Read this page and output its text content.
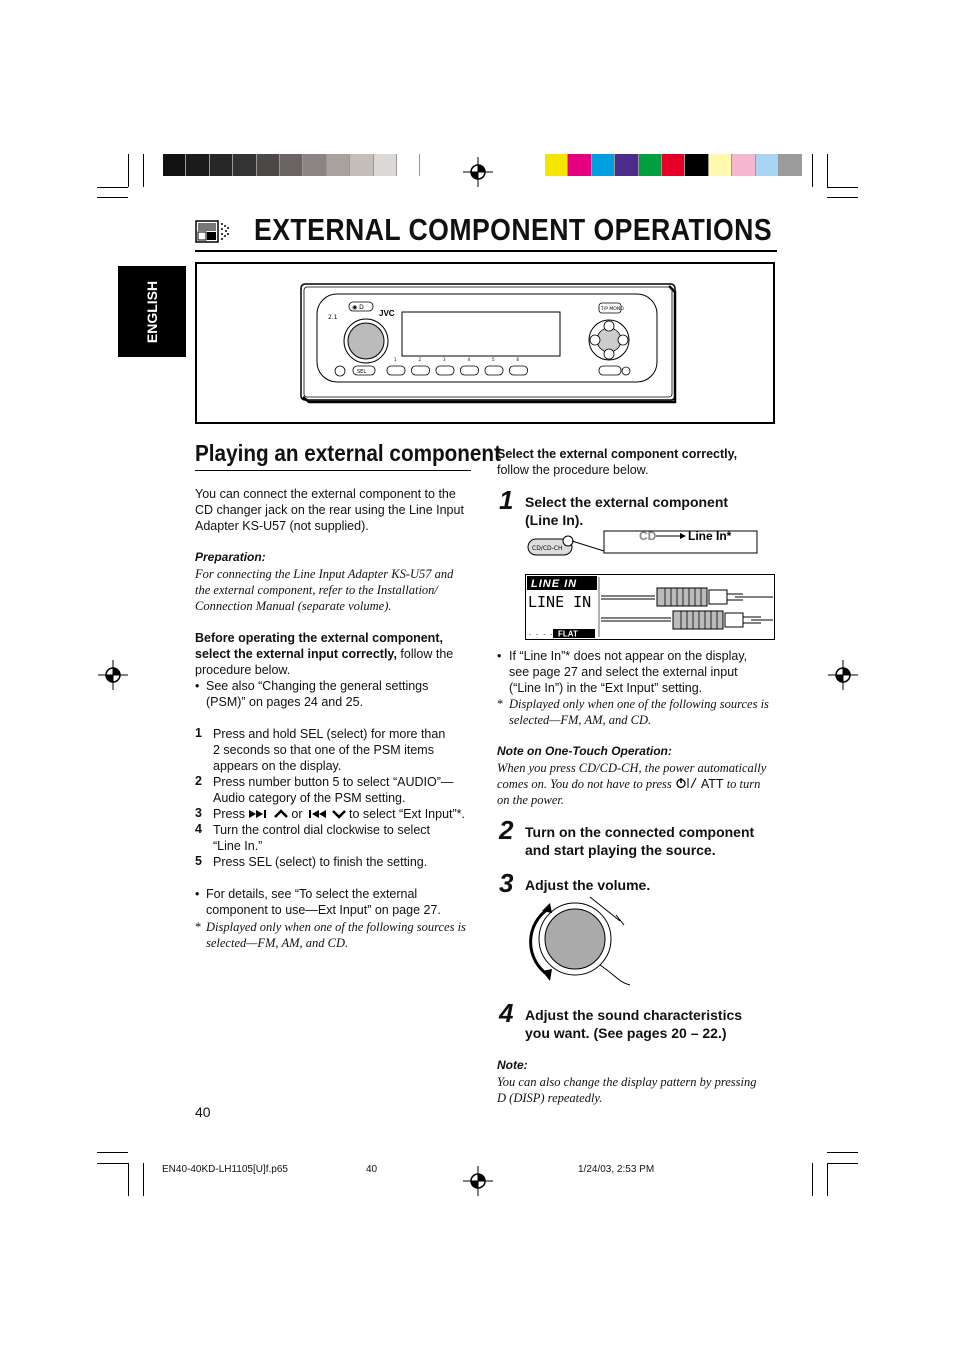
EXTERNAL COMPONENT OPERATIONS
ENGLISH	◉ D
2.1	JVC	T/P MONO
SEL
1	2	3	4	5	6
Playing an external component

You can connect the external component to the

CD changer jack on the rear using the Line Input

Adapter KS-U57 (not supplied).

Preparation:
For connecting the Line Input Adapter KS-U57 and
the external component, refer to the Installation/
Connection Manual (separate volume).

Before operating the external component,

select the external input correctly, follow the

procedure below.

• See also “Changing the general settings

(PSM)” on pages 24 and 25.

1 Press and hold SEL (select) for more than

2 seconds so that one of the PSM items

appears on the display.

2 Press number button 5 to select “AUDIO”—

Audio category of the PSM setting.

3 Press	or	to select “Ext Input”*.

4 Turn the control dial clockwise to select

“Line In.”

5 Press SEL (select) to finish the setting.

• For details, see “To select the external

component to use—Ext Input” on page 27.

* Displayed only when one of the following sources is
selected—FM, AM, and CD.

Select the external component correctly,

follow the procedure below.

1 Select the external component
(Line In).
CD/CD-CH
CD	Line In*
LINE IN
LINE IN
FLAT
- - - -

• If “Line In”* does not appear on the display,

see page 27 and select the external input

(“Line In”) in the “Ext Input” setting.

* Displayed only when one of the following sources is
selected—FM, AM, and CD.
Note on One-Touch Operation:
When you press CD/CD-CH, the power automatically
comes on. You do not have to press ATT to turn
on the power.
2 Turn on the connected component
and start playing the source.
3 Adjust the volume.
4 Adjust the sound characteristics
you want. (See pages 20 – 22.)
Note:
You can also change the display pattern by pressing
D (DISP) repeatedly.
40
EN40-40KD-LH1105[U]f.p65	40	1/24/03, 2:53 PM
